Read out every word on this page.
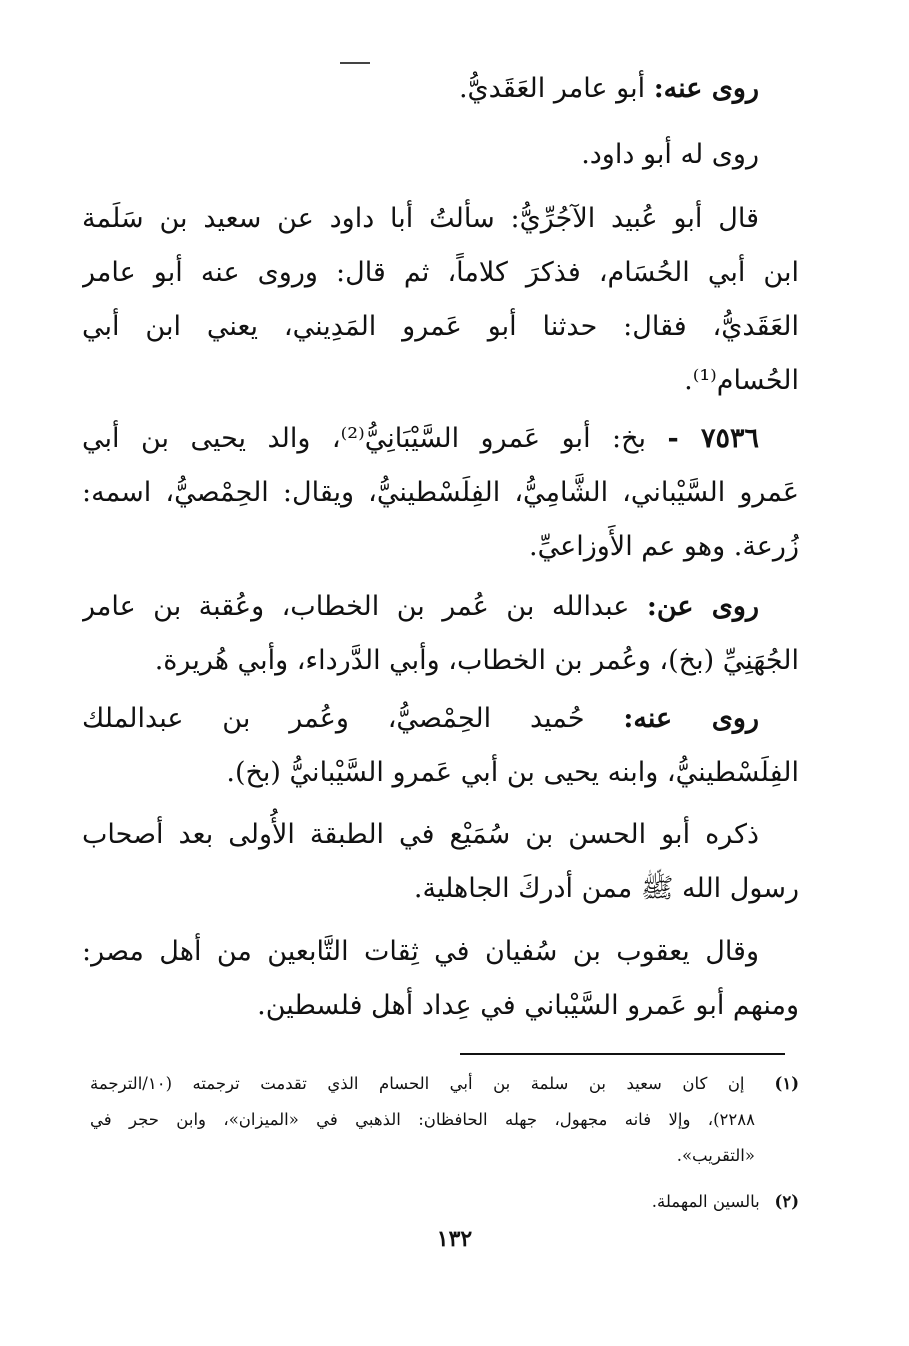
روى عنه: أبو عامر العَقَديُّ.
روى له أبو داود.
قال أبو عُبيد الآجُرِّيُّ: سألتُ أبا داود عن سعيد بن سَلَمة
ابن أبي الحُسَام، فذكرَ كلاماً، ثم قال: وروى عنه أبو عامر
العَقَديُّ، فقال: حدثنا أبو عَمرو المَدِيني، يعني ابن أبي
الحُسام⁽¹⁾.
٧٥٣٦ - بخ: أبو عَمرو السَّيْبَانِيُّ⁽²⁾، والد يحيى بن أبي
عَمرو السَّيْباني، الشَّامِيُّ، الفِلَسْطينيُّ، ويقال: الحِمْصيُّ، اسمه:
زُرعة. وهو عم الأَوزاعيِّ.
روى عن: عبدالله بن عُمر بن الخطاب، وعُقبة بن عامر
الجُهَنِيِّ (بخ)، وعُمر بن الخطاب، وأبي الدَّرداء، وأبي هُريرة.
روى عنه: حُميد الحِمْصيُّ، وعُمر بن عبدالملك
الفِلَسْطينيُّ، وابنه يحيى بن أبي عَمرو السَّيْبانيُّ (بخ).
ذكره أبو الحسن بن سُمَيْع في الطبقة الأُولى بعد أصحاب
رسول الله ﷺ ممن أدركَ الجاهلية.
وقال يعقوب بن سُفيان في ثِقات التَّابعين من أهل مصر:
ومنهم أبو عَمرو السَّيْباني في عِداد أهل فلسطين.
(١) إن كان سعيد بن سلمة بن أبي الحسام الذي تقدمت ترجمته (١٠/الترجمة
٢٢٨٨)، وإلا فانه مجهول، جهله الحافظان: الذهبي في «الميزان»، وابن حجر في
«التقريب».
(٢) بالسين المهملة.
١٣٢
